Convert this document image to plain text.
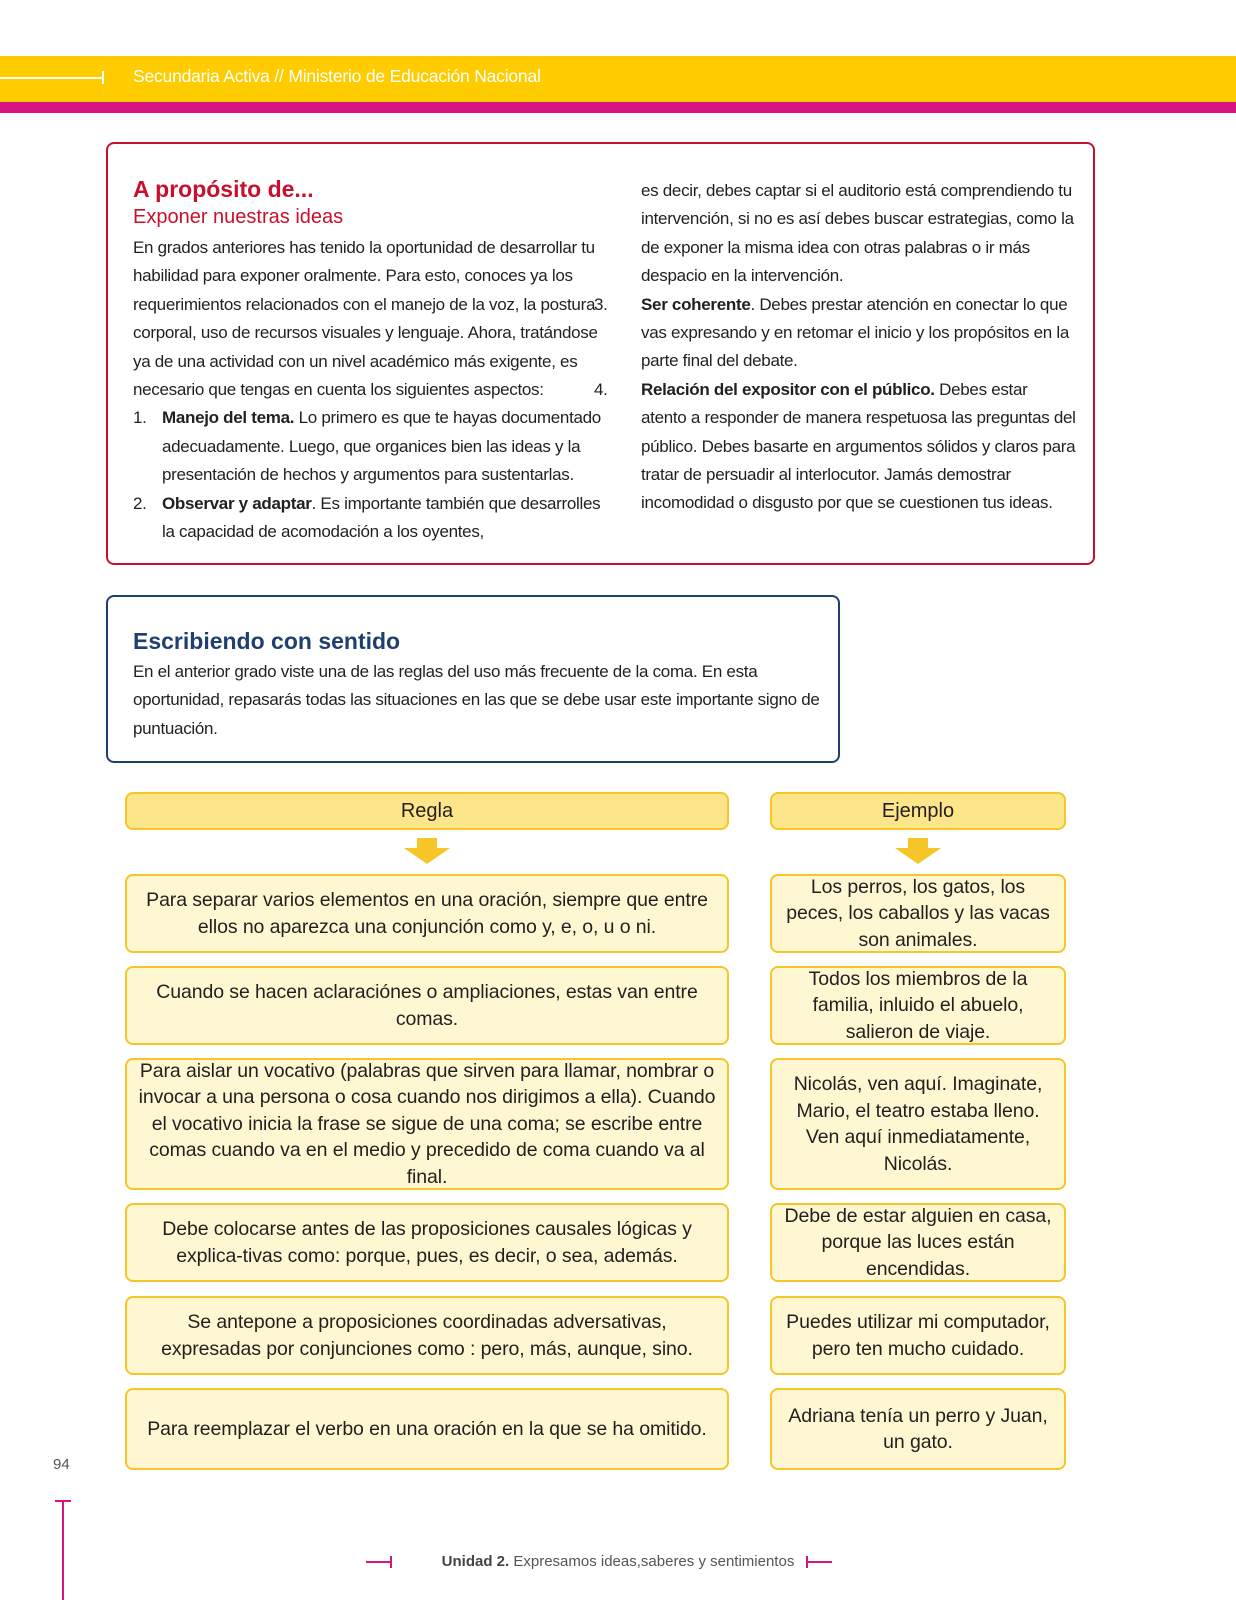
Secundaria Activa // Ministerio de Educación Nacional
A propósito de...
Exponer nuestras ideas

En grados anteriores has tenido la oportunidad de desarrollar tu habilidad para exponer oralmente. Para esto, conoces ya los requerimientos relacionados con el manejo de la voz, la postura corporal, uso de recursos visuales y lenguaje. Ahora, tratándose ya de una actividad con un nivel académico más exigente, es necesario que tengas en cuenta los siguientes aspectos:

1. Manejo del tema. Lo primero es que te hayas documentado adecuadamente. Luego, que organices bien las ideas y la presentación de hechos y argumentos para sustentarlas.
2. Observar y adaptar. Es importante también que desarrolles la capacidad de acomodación a los oyentes,
es decir, debes captar si el auditorio está comprendiendo tu intervención, si no es así debes buscar estrategias, como la de exponer la misma idea con otras palabras o ir más despacio en la intervención.
3. Ser coherente. Debes prestar atención en conectar lo que vas expresando y en retomar el inicio y los propósitos en la parte final del debate.
4. Relación del expositor con el público. Debes estar atento a responder de manera respetuosa las preguntas del público. Debes basarte en argumentos sólidos y claros para tratar de persuadir al interlocutor. Jamás demostrar incomodidad o disgusto por que se cuestionen tus ideas.
Escribiendo con sentido
En el anterior grado viste una de las reglas del uso más frecuente de la coma. En esta oportunidad, repasarás todas las situaciones en las que se debe usar este importante signo de puntuación.
Regla	Ejemplo
Para separar varios elementos en una oración, siempre que entre ellos no aparezca una conjunción como y, e, o, u o ni.
Los perros, los gatos, los peces, los caballos y las vacas son animales.
Cuando se hacen aclaraciónes o ampliaciones, estas van entre comas.
Todos los miembros de la familia, inluido el abuelo, salieron de viaje.
Para aislar un vocativo (palabras que sirven para llamar, nombrar o invocar a una persona o cosa cuando nos dirigimos a ella). Cuando el vocativo inicia la frase se sigue de una coma; se escribe entre comas cuando va en el medio y precedido de coma cuando va al final.
Nicolás, ven aquí. Imaginate, Mario, el teatro estaba lleno. Ven aquí inmediatamente, Nicolás.
Debe colocarse antes de las proposiciones causales lógicas y explica-tivas como: porque, pues, es decir, o sea, además.
Debe de estar alguien en casa, porque las luces están encendidas.
Se antepone a proposiciones coordinadas adversativas, expresadas por conjunciones como : pero, más, aunque, sino.
Puedes utilizar mi computador, pero ten mucho cuidado.
Para reemplazar el verbo en una oración en la que se ha omitido.
Adriana tenía un perro y Juan, un gato.
94
Unidad 2. Expresamos ideas,saberes y sentimientos
